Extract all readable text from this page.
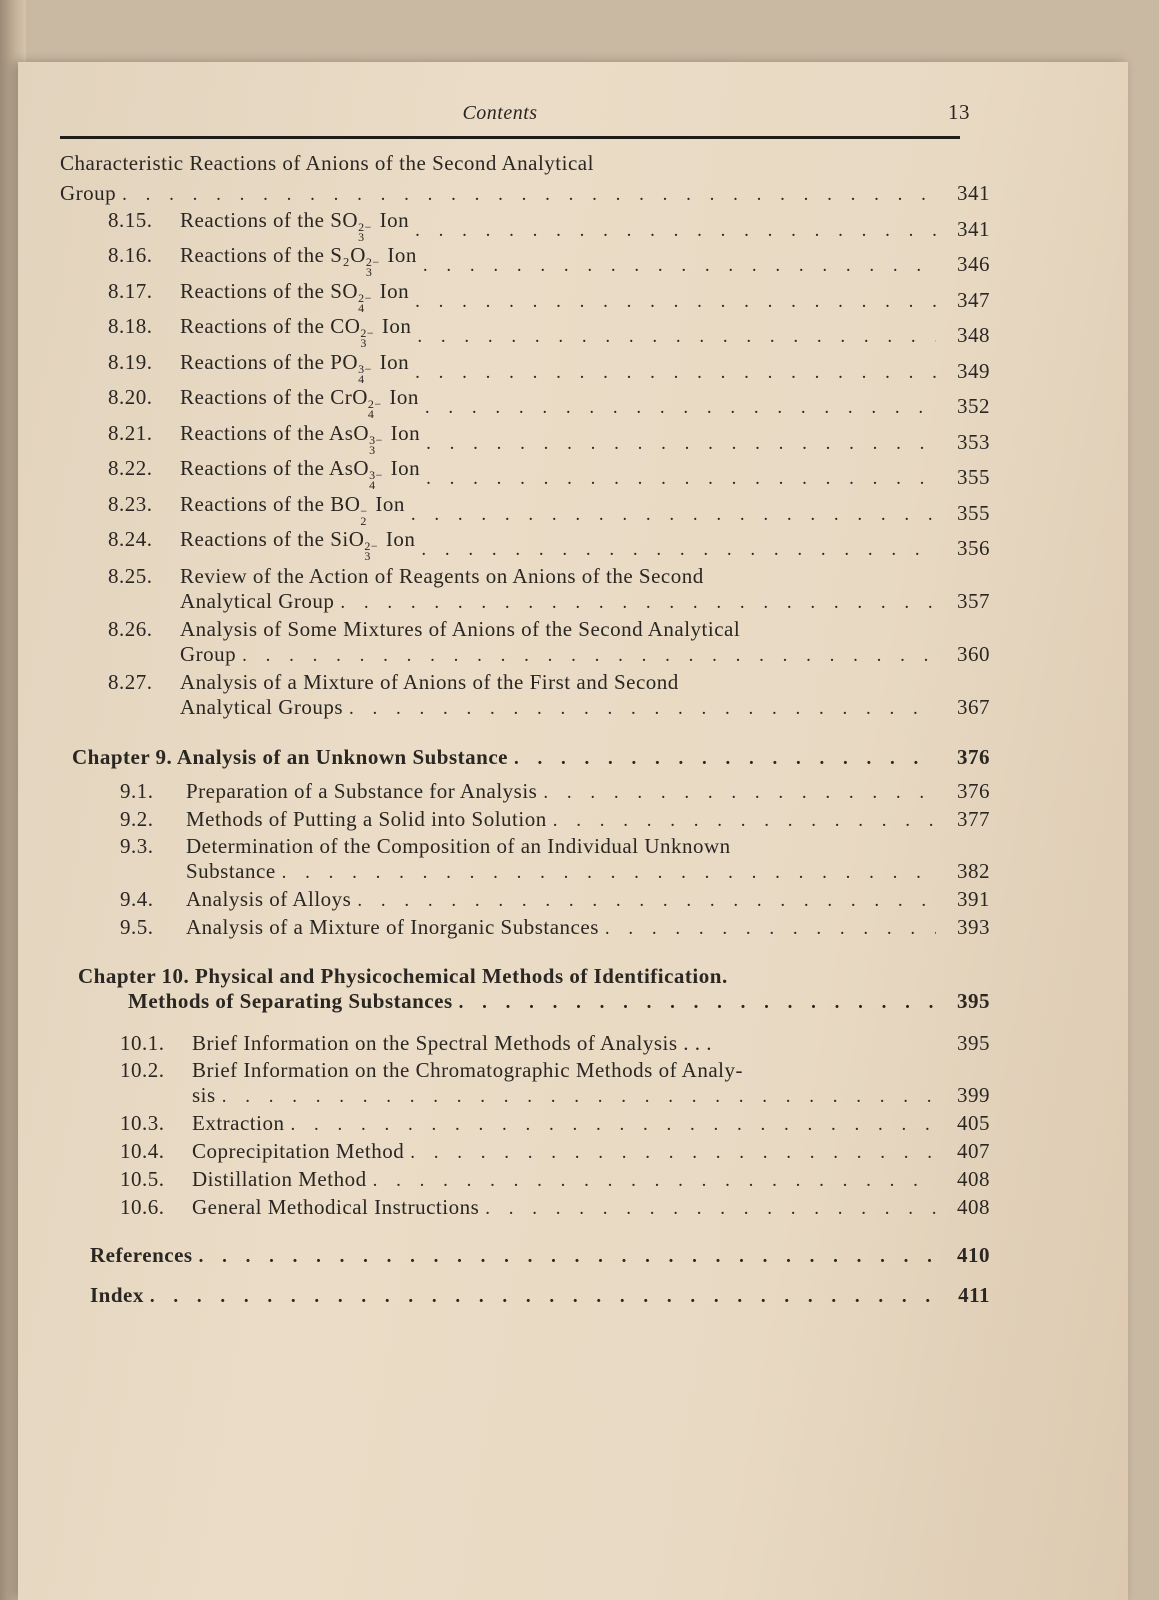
Contents	13
Characteristic Reactions of Anions of the Second Analytical
Group . . .	341
8.15. Reactions of the SO 2−
3
Ion . . .	341
8.16. Reactions of the S₂O 2−
3
Ion . . .	346
8.17. Reactions of the SO 2−
4
Ion . . .	347
8.18. Reactions of the CO 2−
3
Ion . . .	348
8.19. Reactions of the PO 3−
4
Ion . . .	349
8.20. Reactions of the CrO 2−
4
Ion . . .	352
8.21. Reactions of the AsO 3−
3
Ion . . .	353
8.22. Reactions of the AsO 3−
4
Ion . . .	355
8.23. Reactions of the BO −
2
Ion . . .	355
8.24. Reactions of the SiO 2−
3
Ion . . .	356
8.25. Review of the Action of Reagents on Anions of the Second
Analytical Group . . .	357
8.26. Analysis of Some Mixtures of Anions of the Second Analytical
Group . . .	360
8.27. Analysis of a Mixture of Anions of the First and Second
Analytical Groups . . .	367
Chapter 9. Analysis of an Unknown Substance . . .	376
9.1. Preparation of a Substance for Analysis . . .	376
9.2. Methods of Putting a Solid into Solution . . .	377
9.3. Determination of the Composition of an Individual Unknown
Substance . . .	382
9.4. Analysis of Alloys . . .	391
9.5. Analysis of a Mixture of Inorganic Substances . . .	393
Chapter 10. Physical and Physicochemical Methods of Identification.
Methods of Separating Substances . . .	395
10.1. Brief Information on the Spectral Methods of Analysis . . .	395
10.2. Brief Information on the Chromatographic Methods of Analy-
sis . . .	399
10.3. Extraction . . .	405
10.4. Coprecipitation Method . . .	407
10.5. Distillation Method . . .	408
10.6. General Methodical Instructions . . .	408
References . . .	410
Index . . .	411
